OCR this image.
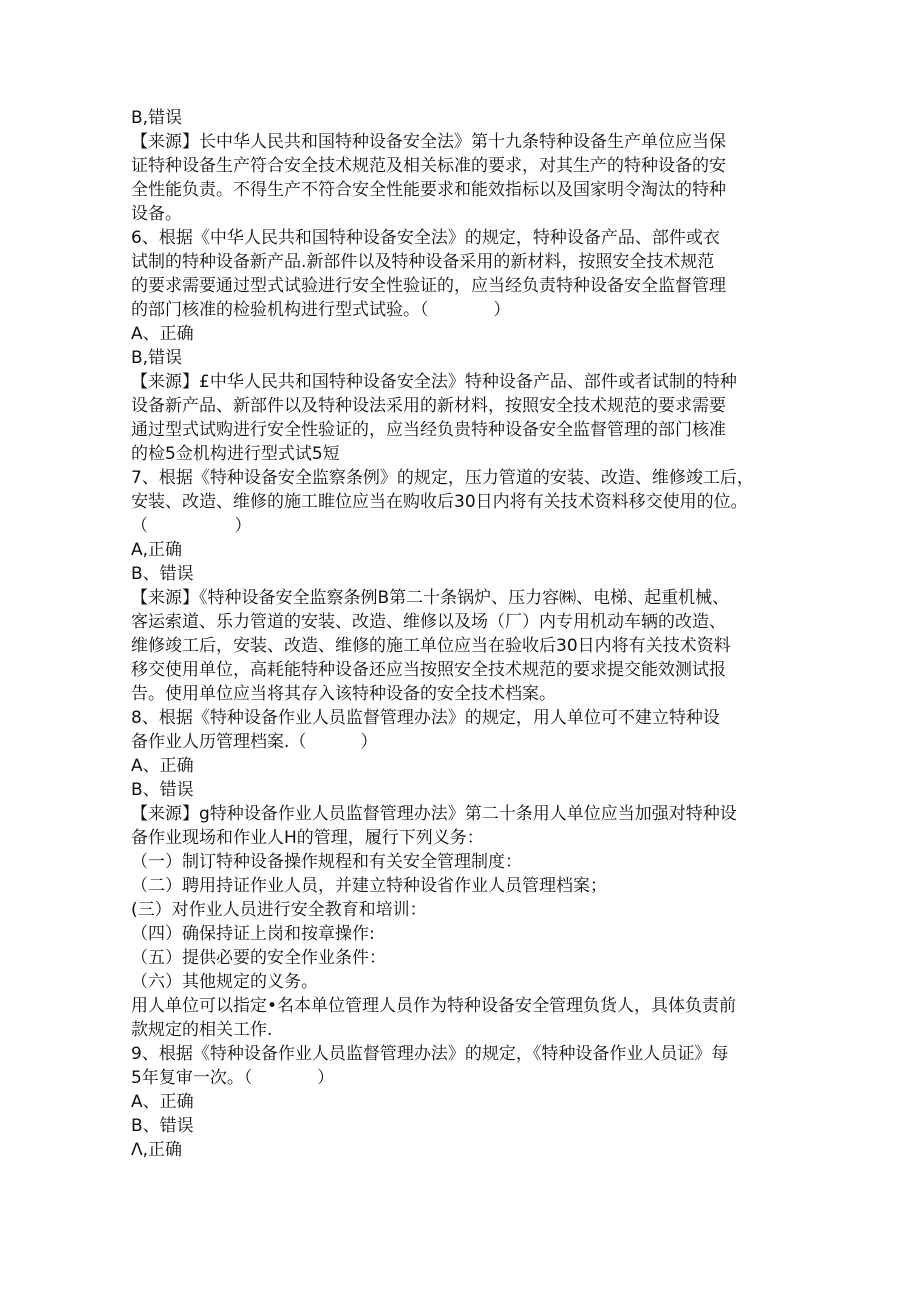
B,错误
【来源】长中华人民共和国特种设备安全法》第十九条特种设备生产单位应当保
证特种设备生产符合安全技术规范及相关标准的要求，对其生产的特种设备的安
全性能负责。不得生产不符合安全性能要求和能效指标以及国家明令淘汰的特种
设备。
6、根据《中华人民共和国特种设备安全法》的规定，特种设备产品、部件或衣
试制的特种设备新产品.新部件以及特种设备采用的新材料，按照安全技术规范
的要求需要通过型式试验进行安全性验证的，应当经负责特种设备安全监督管理
的部门核准的检验机构进行型式试验。（            ）
A、正确
B,错误
【来源】£中华人民共和国特种设备安全法》特种设备产品、部件或者试制的特种
设备新产品、新部件以及特种设法采用的新材料，按照安全技术规范的要求需要
通过型式试购进行安全性验证的，应当经负贵特种设备安全监督管理的部门核准
的检5佥机构进行型式试5短
7、根据《特种设备安全监察条例》的规定，压力管道的安装、改造、维修竣工后，
安装、改造、维修的施工睢位应当在购收后30日内将有关技术资料移交使用的位。
（                ）
A,正确
B、错误
【来源】《特种设备安全监察条例B第二十条锅炉、压力容㈱、电梯、起重机械、
客运索道、乐力管道的安装、改造、维修以及场（厂）内专用机动车辆的改造、
维修竣工后，安装、改造、维修的施工单位应当在验收后30日内将有关技术资料
移交使用单位，高耗能特种设备还应当按照安全技术规范的要求提交能效测试报
告。使用单位应当将其存入该特种设备的安全技术档案。
8、根据《特种设备作业人员监督管理办法》的规定，用人单位可不建立特种设
备作业人历管理档案.（          ）
A、正确
B、错误
【来源】g特种设备作业人员监督管理办法》第二十条用人单位应当加强对特种设
备作业现场和作业人H的管理，履行下列义务：
（一）制订特种设备操作规程和有关安全管理制度：
（二）聘用持证作业人员，并建立特种设省作业人员管理档案；
(三）对作业人员进行安全教育和培训：
（四）确保持证上岗和按章操作:
（五）提供必要的安全作业条件：
（六）其他规定的义务。
用人单位可以指定•名本单位管理人员作为特种设备安全管理负货人，具体负责前
款规定的相关工作.
9、根据《特种设备作业人员监督管理办法》的规定，《特种设备作业人员证》每
5年复审一次。（            ）
A、正确
B、错误
Λ,正确
